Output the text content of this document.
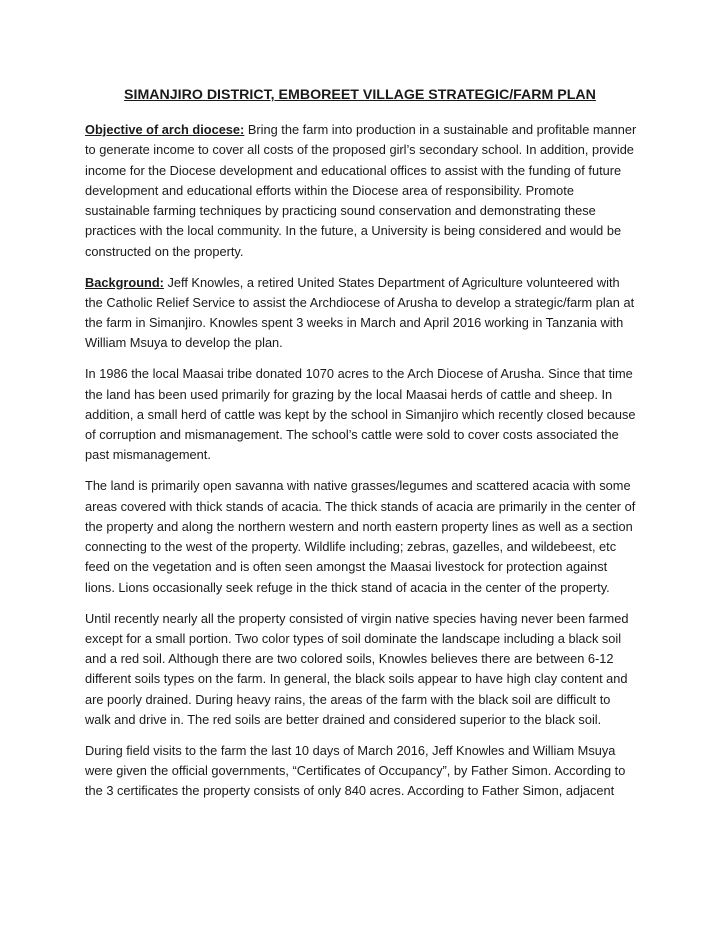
SIMANJIRO DISTRICT, EMBOREET VILLAGE STRATEGIC/FARM PLAN

Objective of arch diocese: Bring the farm into production in a sustainable and profitable manner to generate income to cover all costs of the proposed girl’s secondary school. In addition, provide income for the Diocese development and educational offices to assist with the funding of future development and educational efforts within the Diocese area of responsibility. Promote sustainable farming techniques by practicing sound conservation and demonstrating these practices with the local community. In the future, a University is being considered and would be constructed on the property.

Background: Jeff Knowles, a retired United States Department of Agriculture volunteered with the Catholic Relief Service to assist the Archdiocese of Arusha to develop a strategic/farm plan at the farm in Simanjiro. Knowles spent 3 weeks in March and April 2016 working in Tanzania with William Msuya to develop the plan.

In 1986 the local Maasai tribe donated 1070 acres to the Arch Diocese of Arusha. Since that time the land has been used primarily for grazing by the local Maasai herds of cattle and sheep. In addition, a small herd of cattle was kept by the school in Simanjiro which recently closed because of corruption and mismanagement. The school’s cattle were sold to cover costs associated the past mismanagement.

The land is primarily open savanna with native grasses/legumes and scattered acacia with some areas covered with thick stands of acacia. The thick stands of acacia are primarily in the center of the property and along the northern western and north eastern property lines as well as a section connecting to the west of the property. Wildlife including; zebras, gazelles, and wildebeest, etc feed on the vegetation and is often seen amongst the Maasai livestock for protection against lions. Lions occasionally seek refuge in the thick stand of acacia in the center of the property.

Until recently nearly all the property consisted of virgin native species having never been farmed except for a small portion. Two color types of soil dominate the landscape including a black soil and a red soil. Although there are two colored soils, Knowles believes there are between 6-12 different soils types on the farm. In general, the black soils appear to have high clay content and are poorly drained. During heavy rains, the areas of the farm with the black soil are difficult to walk and drive in. The red soils are better drained and considered superior to the black soil.

During field visits to the farm the last 10 days of March 2016, Jeff Knowles and William Msuya were given the official governments, “Certificates of Occupancy”, by Father Simon. According to the 3 certificates the property consists of only 840 acres. According to Father Simon, adjacent
